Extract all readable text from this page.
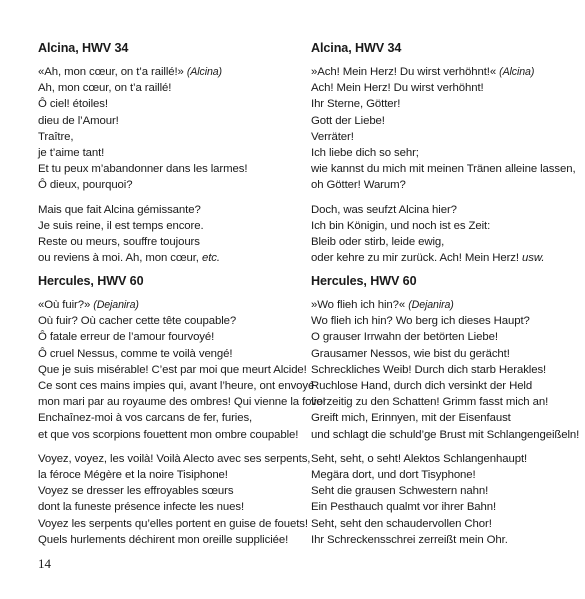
Alcina, HWV 34
«Ah, mon cœur, on t’a raillé!» (Alcina)
Ah, mon cœur, on t’a raillé!
Ô ciel! étoiles!
dieu de l’Amour!
Traître,
je t’aime tant!
Et tu peux m’abandonner dans les larmes!
Ô dieux, pourquoi?
Mais que fait Alcina gémissante?
Je suis reine, il est temps encore.
Reste ou meurs, souffre toujours
ou reviens à moi. Ah, mon cœur, etc.
Hercules, HWV 60
«Où fuir?» (Dejanira)
Où fuir? Où cacher cette tête coupable?
Ô fatale erreur de l’amour fourvoyé!
Ô cruel Nessus, comme te voilà vengé!
Que je suis misérable! C’est par moi que meurt Alcide!
Ce sont ces mains impies qui, avant l’heure, ont envoyé
mon mari par au royaume des ombres! Qui vienne la folie!
Enchaînez-moi à vos carcans de fer, furies,
et que vos scorpions fouettent mon ombre coupable!
Voyez, voyez, les voilà! Voilà Alecto avec ses serpents,
la féroce Mégère et la noire Tisiphone!
Voyez se dresser les effroyables sœurs
dont la funeste présence infecte les nues!
Voyez les serpents qu’elles portent en guise de fouets!
Quels hurlements déchirent mon oreille suppliciée!
Alcina, HWV 34
»Ach! Mein Herz! Du wirst verhöhnt!« (Alcina)
Ach! Mein Herz! Du wirst verhöhnt!
Ihr Sterne, Götter!
Gott der Liebe!
Verräter!
Ich liebe dich so sehr;
wie kannst du mich mit meinen Tränen alleine lassen,
oh Götter! Warum?
Doch, was seufzt Alcina hier?
Ich bin Königin, und noch ist es Zeit:
Bleib oder stirb, leide ewig,
oder kehre zu mir zurück. Ach! Mein Herz! usw.
Hercules, HWV 60
»Wo flieh ich hin?« (Dejanira)
Wo flieh ich hin? Wo berg ich dieses Haupt?
O grauser Irrwahn der betörten Liebe!
Grausamer Nessos, wie bist du gerächt!
Schreckliches Weib! Durch dich starb Herakles!
Ruchlose Hand, durch dich versinkt der Held
vorzeitig zu den Schatten! Grimm fasst mich an!
Greift mich, Erinnyen, mit der Eisenfaust
und schlagt die schuld’ge Brust mit Schlangengeißeln!
Seht, seht, o seht! Alektos Schlangenhaupt!
Megära dort, und dort Tisyphone!
Seht die grausen Schwestern nahn!
Ein Pesthauch qualmt vor ihrer Bahn!
Seht, seht den schaudervollen Chor!
Ihr Schreckensschrei zerreißt mein Ohr.
14
